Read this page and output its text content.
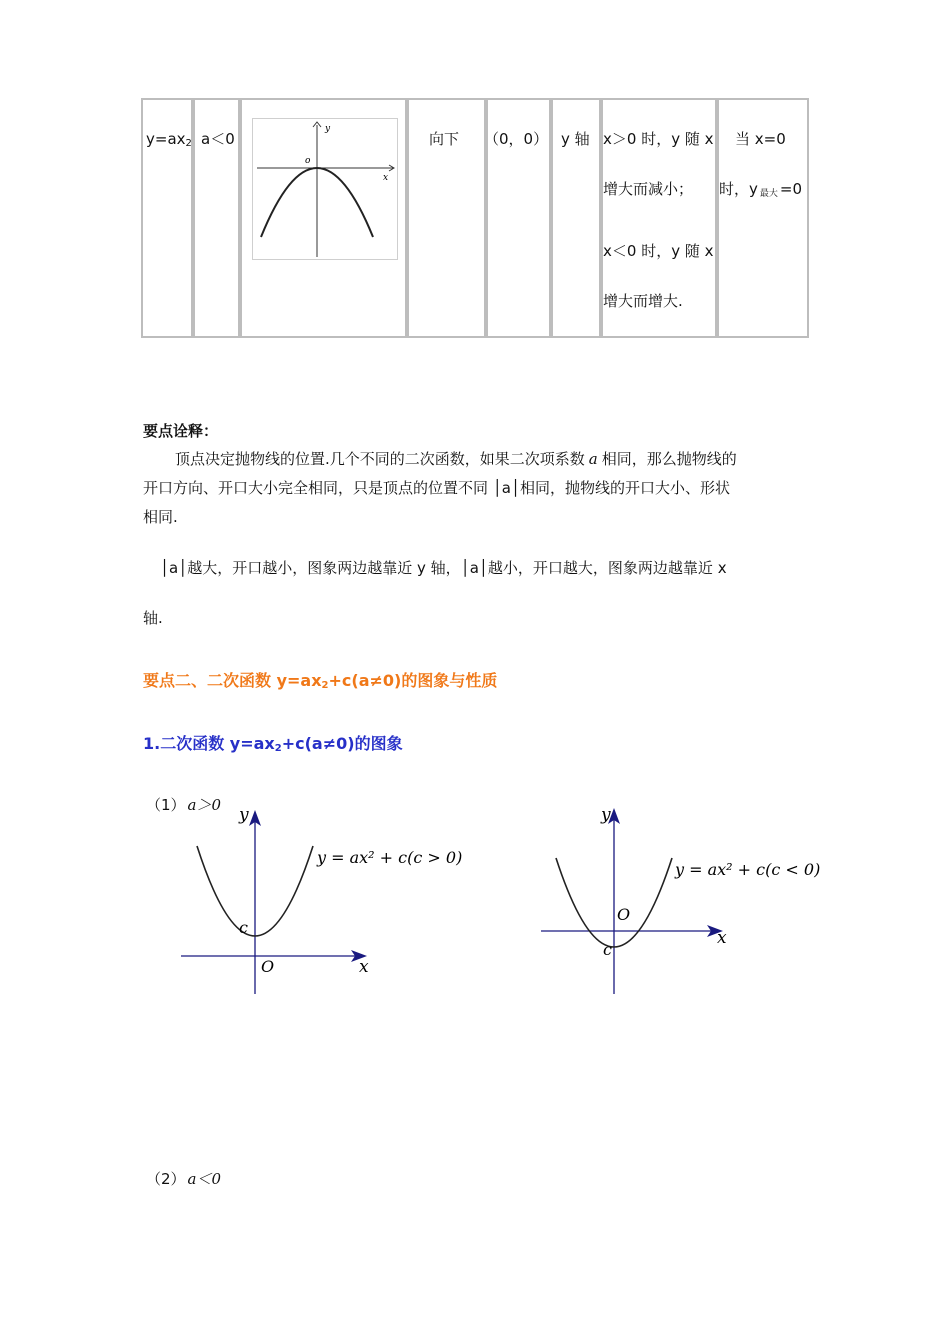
$y=ax_2$ a＜0
y
x
o
向下 （0，0） y 轴 x＞0 时，y 随 x
增大而减小；
x＜0 时，y 随 x
增大而增大.
当 x=0
时，y $_{最大}$ =0
要点诠释：
顶点决定抛物线的位置.几个不同的二次函数，如果二次项系数 a 相同，那么抛物线的
开口方向、开口大小完全相同，只是顶点的位置不同 │a│相同，抛物线的开口大小、形状
相同.
│a│越大，开口越小，图象两边越靠近 y 轴，│a│越小，开口越大，图象两边越靠近 x
轴.
要点二、二次函数 $y=ax_2+c(a\ne 0)$的图象与性质
1.二次函数 $y=ax_2+c(a\ne 0)$的图象
（1） a＞0 y
x
O
c
y = ax² + c(c > 0)
y
x
O
c
y = ax² + c(c < 0)
（2） a＜0
